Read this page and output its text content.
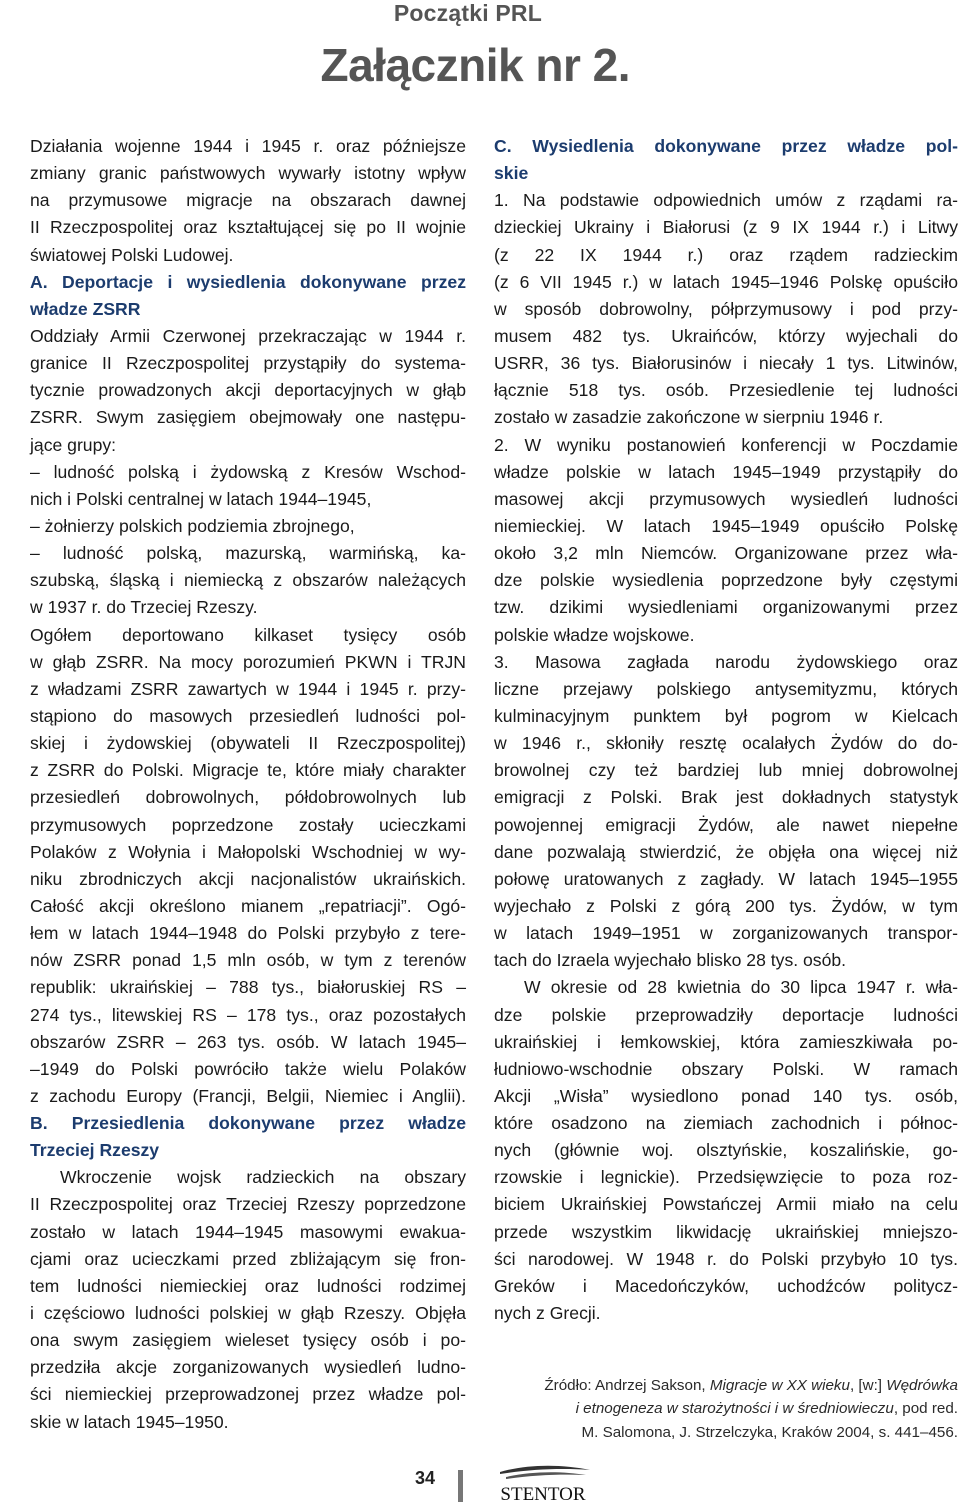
Początki PRL
Załącznik nr 2.
Działania wojenne 1944 i 1945 r. oraz późniejsze
zmiany granic państwowych wywarły istotny wpływ
na przymusowe migracje na obszarach dawnej
II Rzeczpospolitej oraz kształtującej się po II wojnie
światowej Polski Ludowej.
A. Deportacje i wysiedlenia dokonywane przez
władze ZSRR
Oddziały Armii Czerwonej przekraczając w 1944 r.
granice II Rzeczpospolitej przystąpiły do systema-
tycznie prowadzonych akcji deportacyjnych w głąb
ZSRR. Swym zasięgiem obejmowały one następu-
jące grupy:
– ludność polską i żydowską z Kresów Wschod-
nich i Polski centralnej w latach 1944–1945,
– żołnierzy polskich podziemia zbrojnego,
– ludność polską, mazurską, warmińską, ka-
szubską, śląską i niemiecką z obszarów należących
w 1937 r. do Trzeciej Rzeszy.
Ogółem deportowano kilkaset tysięcy osób
w głąb ZSRR. Na mocy porozumień PKWN i TRJN
z władzami ZSRR zawartych w 1944 i 1945 r. przy-
stąpiono do masowych przesiedleń ludności pol-
skiej i żydowskiej (obywateli II Rzeczpospolitej)
z ZSRR do Polski. Migracje te, które miały charakter
przesiedleń dobrowolnych, półdobrowolnych lub
przymusowych poprzedzone zostały ucieczkami
Polaków z Wołynia i Małopolski Wschodniej w wy-
niku zbrodniczych akcji nacjonalistów ukraińskich.
Całość akcji określono mianem „repatriacji”. Ogó-
łem w latach 1944–1948 do Polski przybyło z tere-
nów ZSRR ponad 1,5 mln osób, w tym z terenów
republik: ukraińskiej – 788 tys., białoruskiej RS –
274 tys., litewskiej RS – 178 tys., oraz pozostałych
obszarów ZSRR – 263 tys. osób. W latach 1945–
–1949 do Polski powróciło także wielu Polaków
z zachodu Europy (Francji, Belgii, Niemiec i Anglii).
B. Przesiedlenia dokonywane przez władze
Trzeciej Rzeszy
Wkroczenie wojsk radzieckich na obszary
II Rzeczpospolitej oraz Trzeciej Rzeszy poprzedzone
zostało w latach 1944–1945 masowymi ewakua-
cjami oraz ucieczkami przed zbliżającym się fron-
tem ludności niemieckiej oraz ludności rodzimej
i częściowo ludności polskiej w głąb Rzeszy. Objęła
ona swym zasięgiem wieleset tysięcy osób i po-
przedziła akcje zorganizowanych wysiedleń ludno-
ści niemieckiej przeprowadzonej przez władze pol-
skie w latach 1945–1950.
C. Wysiedlenia dokonywane przez władze pol-
skie
1. Na podstawie odpowiednich umów z rządami ra-
dzieckiej Ukrainy i Białorusi (z 9 IX 1944 r.) i Litwy
(z 22 IX 1944 r.) oraz rządem radzieckim
(z 6 VII 1945 r.) w latach 1945–1946 Polskę opuściło
w sposób dobrowolny, półprzymusowy i pod przy-
musem 482 tys. Ukraińców, którzy wyjechali do
USRR, 36 tys. Białorusinów i niecały 1 tys. Litwinów,
łącznie 518 tys. osób. Przesiedlenie tej ludności
zostało w zasadzie zakończone w sierpniu 1946 r.
2. W wyniku postanowień konferencji w Poczdamie
władze polskie w latach 1945–1949 przystąpiły do
masowej akcji przymusowych wysiedleń ludności
niemieckiej. W latach 1945–1949 opuściło Polskę
około 3,2 mln Niemców. Organizowane przez wła-
dze polskie wysiedlenia poprzedzone były częstymi
tzw. dzikimi wysiedleniami organizowanymi przez
polskie władze wojskowe.
3. Masowa zagłada narodu żydowskiego oraz
liczne przejawy polskiego antysemityzmu, których
kulminacyjnym punktem był pogrom w Kielcach
w 1946 r., skłoniły resztę ocalałych Żydów do do-
browolnej czy też bardziej lub mniej dobrowolnej
emigracji z Polski. Brak jest dokładnych statystyk
powojennej emigracji Żydów, ale nawet niepełne
dane pozwalają stwierdzić, że objęła ona więcej niż
połowę uratowanych z zagłady. W latach 1945–1955
wyjechało z Polski z górą 200 tys. Żydów, w tym
w latach 1949–1951 w zorganizowanych transpor-
tach do Izraela wyjechało blisko 28 tys. osób.
W okresie od 28 kwietnia do 30 lipca 1947 r. wła-
dze polskie przeprowadziły deportacje ludności
ukraińskiej i łemkowskiej, która zamieszkiwała po-
łudniowo-wschodnie obszary Polski. W ramach
Akcji „Wisła” wysiedlono ponad 140 tys. osób,
które osadzono na ziemiach zachodnich i północ-
nych (głównie woj. olsztyńskie, koszalińskie, go-
rzowskie i legnickie). Przedsięwzięcie to poza roz-
biciem Ukraińskiej Powstańczej Armii miało na celu
przede wszystkim likwidację ukraińskiej mniejszo-
ści narodowej. W 1948 r. do Polski przybyło 10 tys.
Greków i Macedończyków, uchodźców politycz-
nych z Grecji.
Źródło: Andrzej Sakson, Migracje w XX wieku, [w:] Wędrówka
i etnogeneza w starożytności i w średniowieczu, pod red.
M. Salomona, J. Strzelczyka, Kraków 2004, s. 441–456.
34
STENTOR
